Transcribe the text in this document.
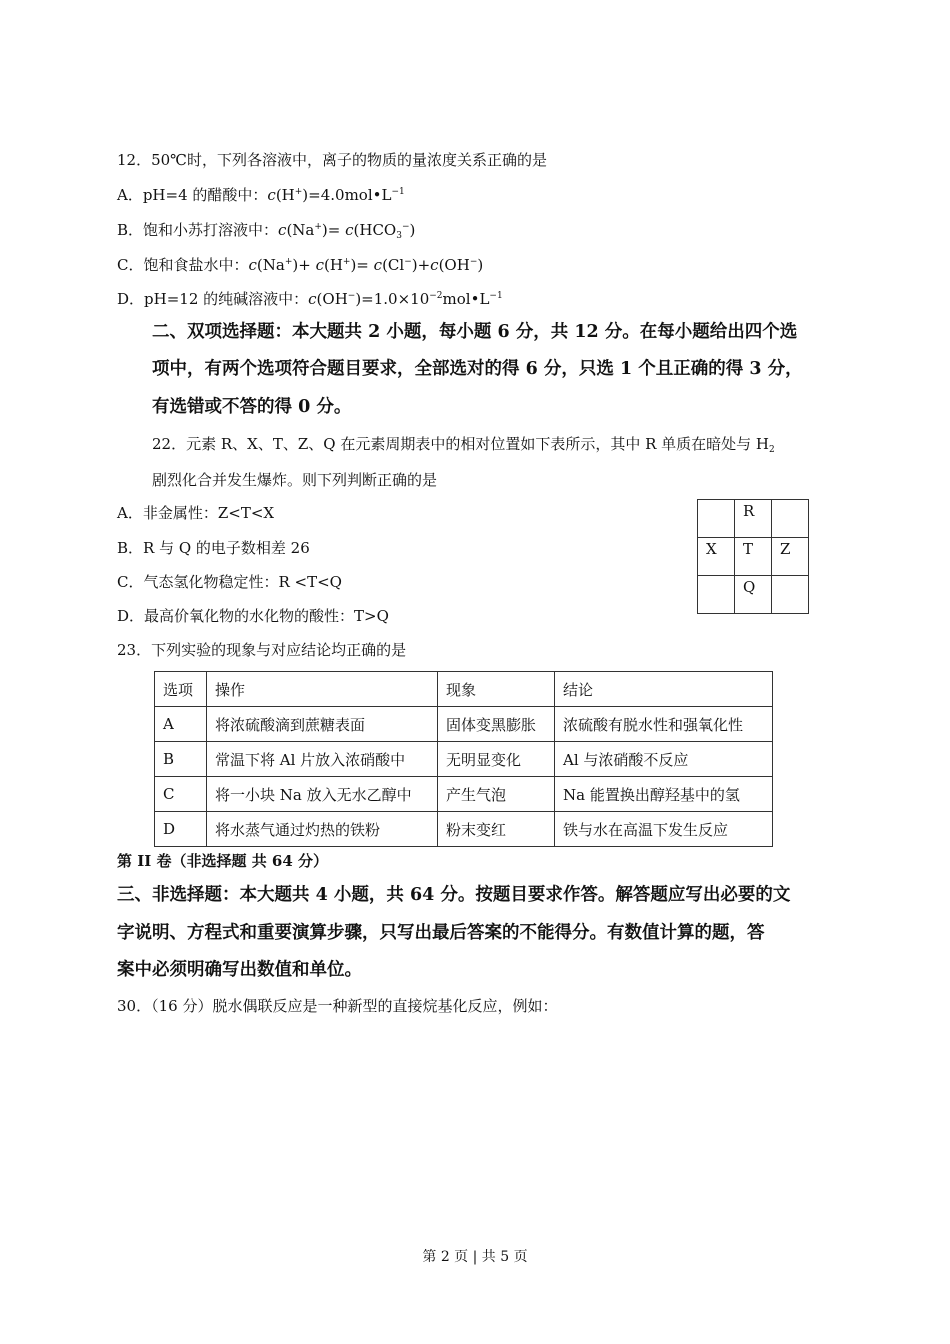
12．50℃时，下列各溶液中，离子的物质的量浓度关系正确的是
A．pH=4 的醋酸中：$c(H^+)=4.0mol•L^{-1}$
B．饱和小苏打溶液中：$c(Na^+)= c(HCO_3^-)$
C．饱和食盐水中：c(Na+)+ c(H+)= c(Cl−)+c(OH−)
D．pH=12 的纯碱溶液中：$c(OH^-)=1.0\times 10^{-2}mol•L^{-1}$
二、双项选择题：本大题共 2 小题，每小题 6 分，共 12 分。在每小题给出四个选
项中，有两个选项符合题目要求，全部选对的得 6 分，只选 1 个且正确的得 3 分，
有选错或不答的得 0 分。
22．元素 R、X、T、Z、Q 在元素周期表中的相对位置如下表所示，其中 R 单质在暗处与 $H_2$
剧烈化合并发生爆炸。则下列判断正确的是
A．非金属性：Z<T<X
B．R 与 Q 的电子数相差 26
C．气态氢化物稳定性：R <T<Q
D．最高价氧化物的水化物的酸性：T>Q
	R	
X	T	Z
	Q	
23．下列实验的现象与对应结论均正确的是
选项	操作	现象	结论
A	将浓硫酸滴到蔗糖表面	固体变黑膨胀	浓硫酸有脱水性和强氧化性
B	常温下将 Al 片放入浓硝酸中	无明显变化	Al 与浓硝酸不反应
C	将一小块 Na 放入无水乙醇中	产生气泡	Na 能置换出醇羟基中的氢
D	将水蒸气通过灼热的铁粉	粉末变红	铁与水在高温下发生反应
第 II 卷（非选择题 共 64 分）
三、非选择题：本大题共 4 小题，共 64 分。按题目要求作答。解答题应写出必要的文
字说明、方程式和重要演算步骤，只写出最后答案的不能得分。有数值计算的题，答
案中必须明确写出数值和单位。
30．（16 分）脱水偶联反应是一种新型的直接烷基化反应，例如：
第 2 页 | 共 5 页
